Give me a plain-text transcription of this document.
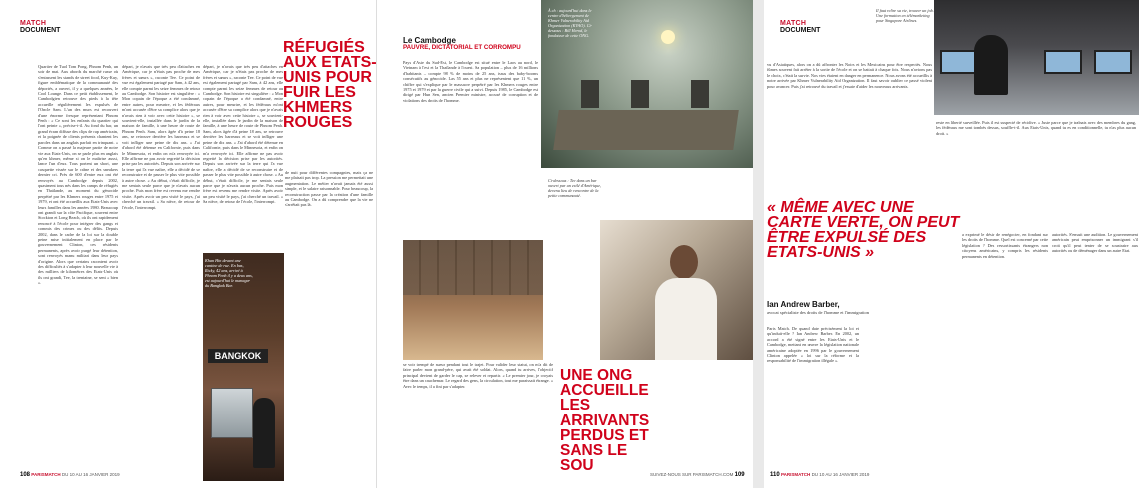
MATCH
DOCUMENT
Quartier de Tuol Tom Pong, Phnom Penh, un soir de mai. Aux abords du marché russe où s'entassent les stands de street food, Kuy-Kuy, figure emblématique de la communauté des déportés, a ouvert, il y a quelques années, le Cool Lounge. Dans ce petit établissement, le Cambodgien retrouve des pieds à la tête accueille régulièrement les expulsés de l'Oncle Sam. L'un des murs est recouvert d'une énorme fresque représentant Phnom Penh : « Ce sont les enfants du quartier qui l'ont peinte », précise-t-il. Au fond du bar, un grand écran diffuse des clips de rap américain, et la poignée de clients présents chantent les paroles dans un anglais parfait en trinquant. « Comme on a passé la majeure partie de notre vie aux Etats-Unis, on se parle plus en anglais qu'en khmer, même si on le maîtrise aussi, lance l'un d'eux. Tous portent un short, une casquette vissée sur le crâne et des sneakers dernier cri. Près de 600 d'entre eux ont été renvoyés au Cambodge depuis 2002, quasiment tous nés dans les camps de réfugiés en Thaïlande, au moment du génocide perpétré par les Khmers rouges entre 1975 et 1979, et ont été accueillis aux Etats-Unis avec leurs familles dans les années 1980. Beaucoup ont grandi sur la côte Pacifique, souvent entre Stockton et Long Beach, où ils ont rapidement renoncé à l'école pour intégrer des gangs et commis des crimes ou des délits. Depuis 2002, dans le cadre de la loi sur la double peine mise initialement en place par le gouvernement Clinton, ces résidents permanents, après avoir purgé leur détention, sont renvoyés manu militari dans leur pays d'origine. Alors que certains racontent avoir des difficultés à s'adapter à leur nouvelle vie à des milliers de kilomètres des Etats-Unis où ils ont grandi, Tee, la trentaine, se sent « bien ».
départ, je n'avais que très peu d'attaches en Amérique, car je n'étais pas proche de mes frères et sœurs », raconte Tee. Ce point de vue est également partagé par Sam, à 42 ans, elle compte parmi les seize femmes de retour au Cambodge. Son histoire est singulière : « Mon copain de l'époque a été condamné, entre autres, pour meurtre, et les fédéraux m'ont accusée d'être sa complice alors que je n'avais rien à voir avec cette histoire », se souvient-elle, installée dans le jardin de la maison de famille, à une heure de route de Phnom Penh. Sam, alors âgée d'à peine 18 ans, se retrouve derrière les barreaux et se voit infliger une peine de dix ans. « J'ai d'abord été détenue en Californie, puis dans le Minnesota, et enfin on m'a renvoyée ici. Elle affirme ne pas avoir regretté la décision prise par les autorités. Depuis son arrivée sur la terre qui l'a vue naître, elle a décidé de se reconstruire et de passer le plus vite possible à autre chose. « Au début, c'était difficile, je me sentais seule parce que je n'avais aucun proche. Puis mon frère est revenu me rendre visite. Après avoir un peu visité le pays, j'ai cherché un travail. » Sa nièce, de retour de l'école, l'interrompt.
départ, je n'avais que très peu d'attaches en Amérique, car je n'étais pas proche de mes frères et sœurs », raconte Tee. Ce point de vue est également partagé par Sam, à 42 ans, elle compte parmi les seize femmes de retour au Cambodge. Son histoire est singulière : « Mon copain de l'époque a été condamné, entre autres, pour meurtre, et les fédéraux m'ont accusée d'être sa complice alors que je n'avais rien à voir avec cette histoire », se souvient-elle, installée dans le jardin de la maison de famille, à une heure de route de Phnom Penh. Sam, alors âgée d'à peine 18 ans, se retrouve derrière les barreaux et se voit infliger une peine de dix ans. « J'ai d'abord été détenue en Californie, puis dans le Minnesota, et enfin on m'a renvoyée ici. Elle affirme ne pas avoir regretté la décision prise par les autorités. Depuis son arrivée sur la terre qui l'a vue naître, elle a décidé de se reconstruire et de passer le plus vite possible à autre chose. « Au début, c'était difficile, je me sentais seule parce que je n'avais aucun proche. Puis mon frère est revenu me rendre visite. Après avoir un peu visité le pays, j'ai cherché un travail. » Sa nièce, de retour de l'école, l'interrompt.
RÉFUGIÉS AUX ETATS-UNIS POUR FUIR LES KHMERS ROUGES
de nuit pour différentes compagnies, mais ça ne me plaisait pas trop. La pression me permettait une augmentation. Le métier n'avait jamais été aussi simple, et le salaire raisonnable. Pour beaucoup, la reconstruction passe par la création d'une famille au Cambodge. On a dû comprendre que la vie ne s'arrêtait pas là.
BANGKOK
Khan Hin devant une cantine de rue. En bas, Ricky, 42 ans, arrivé à Phnom Penh il y a deux ans, est aujourd'hui le manager du Bangkok Bar.
Le Cambodge
PAUVRE, DICTATORIAL ET CORROMPU
Pays d'Asie du Sud-Est, le Cambodge est situé entre le Laos au nord, le Vietnam à l'est et la Thaïlande à l'ouest. Sa population – plus de 16 millions d'habitants – compte 98 % de moins de 25 ans, issus des baby-booms consécutifs au génocide. Las 55 ans et plus ne représentent que 11 %, un chiffre qui s'explique par le massacre perpétré par les Khmers rouges entre 1975 et 1979 et par la guerre civile qui a suivi. Depuis 1985, le Cambodge est dirigé par Hun Sen, ancien Premier ministre, accusé de corruption et de violations des droits de l'homme.
À ch : aujourd'hui dans le centre d'hébergement de Khmer Vulnerability Aid Organization (KVAO). Ci-dessous : Bill Herod, le fondateur de cette ONG.
Ci-dessous : Tee dans un bar ouvert par un exilé d'Amérique, devenu lieu de rencontre de la petite communauté.
se voir trempé de sueur pendant tout le trajet. Pour valider leur statut, on m'a dit de faire parler mon grand-père, qui avait été soldat. Alors, quand tu arrives, l'objectif principal devient de garder le cap, se relever et repartir. « Le premier jour, je croyais être dans un cauchemar. Le regard des gens, la circulation, tout me paraissait étrange. » Avec le temps, il a fini par s'adapter.
UNE ONG ACCUEILLE LES ARRIVANTS PERDUS ET SANS LE SOU
108 PARISMATCH DU 10 AU 16 JANVIER 2019	SUIVEZ-NOUS SUR PARISMATCH.COM 109
MATCH
DOCUMENT
Il faut relire sa vie, trouver un job. Une formation en télémarketing pour Singapore Airlines.
vu d'Asiatiques, alors on a dû affronter les Noirs et les Mexicains pour être respectés. Nous fûmes souvent fait arrêter à la sortie de l'école et on se battait à chaque fois. Nous n'avions pas le choix, c'était la survie. Nos vies étaient en danger en permanence. Nous avons été accueillis à notre arrivée par Khmer Vulnerability Aid Organization. Il faut savoir oublier ce passé violent pour avancer. Puis j'ai retrouvé du travail et j'essaie d'aider les nouveaux arrivants.
reste en liberté surveillée. Puis il est suspecté de récidive. « Juste parce que je traînais avec des membres du gang, les fédéraux me sont tombés dessus, souffle-t-il. Aux Etats-Unis, quand tu es en conditionnelle, tu n'as plus aucun droit. »
Paris Match. De quand date précisément la loi et qu'induit-elle ? Ian Andrew Barber. En 2002, un accord a été signé entre les Etats-Unis et le Cambodge, mettant en œuvre la législation nationale américaine adoptée en 1996 par le gouvernement Clinton appelée « loi sur la réforme et la responsabilité de l'immigration illégale ».
a exprimé le désir de renégocier, en fondant sur les droits de l'homme. Quel est concerné par cette législation ? Des ressortissants étrangers non citoyens américains, y compris les résidents permanents en détention.
autorités. S'ensuit une audition. Le gouvernement américain peut emprisonner un immigrant s'il croit qu'il peut tenter de se soustraire aux autorités ou de déménager dans un autre Etat.
110 PARISMATCH DU 10 AU 16 JANVIER 2019
« MÊME AVEC UNE CARTE VERTE, ON PEUT ÊTRE EXPULSÉ DES ETATS-UNIS »
Ian Andrew Barber,
avocat spécialiste des droits de l'homme et l'immigration
